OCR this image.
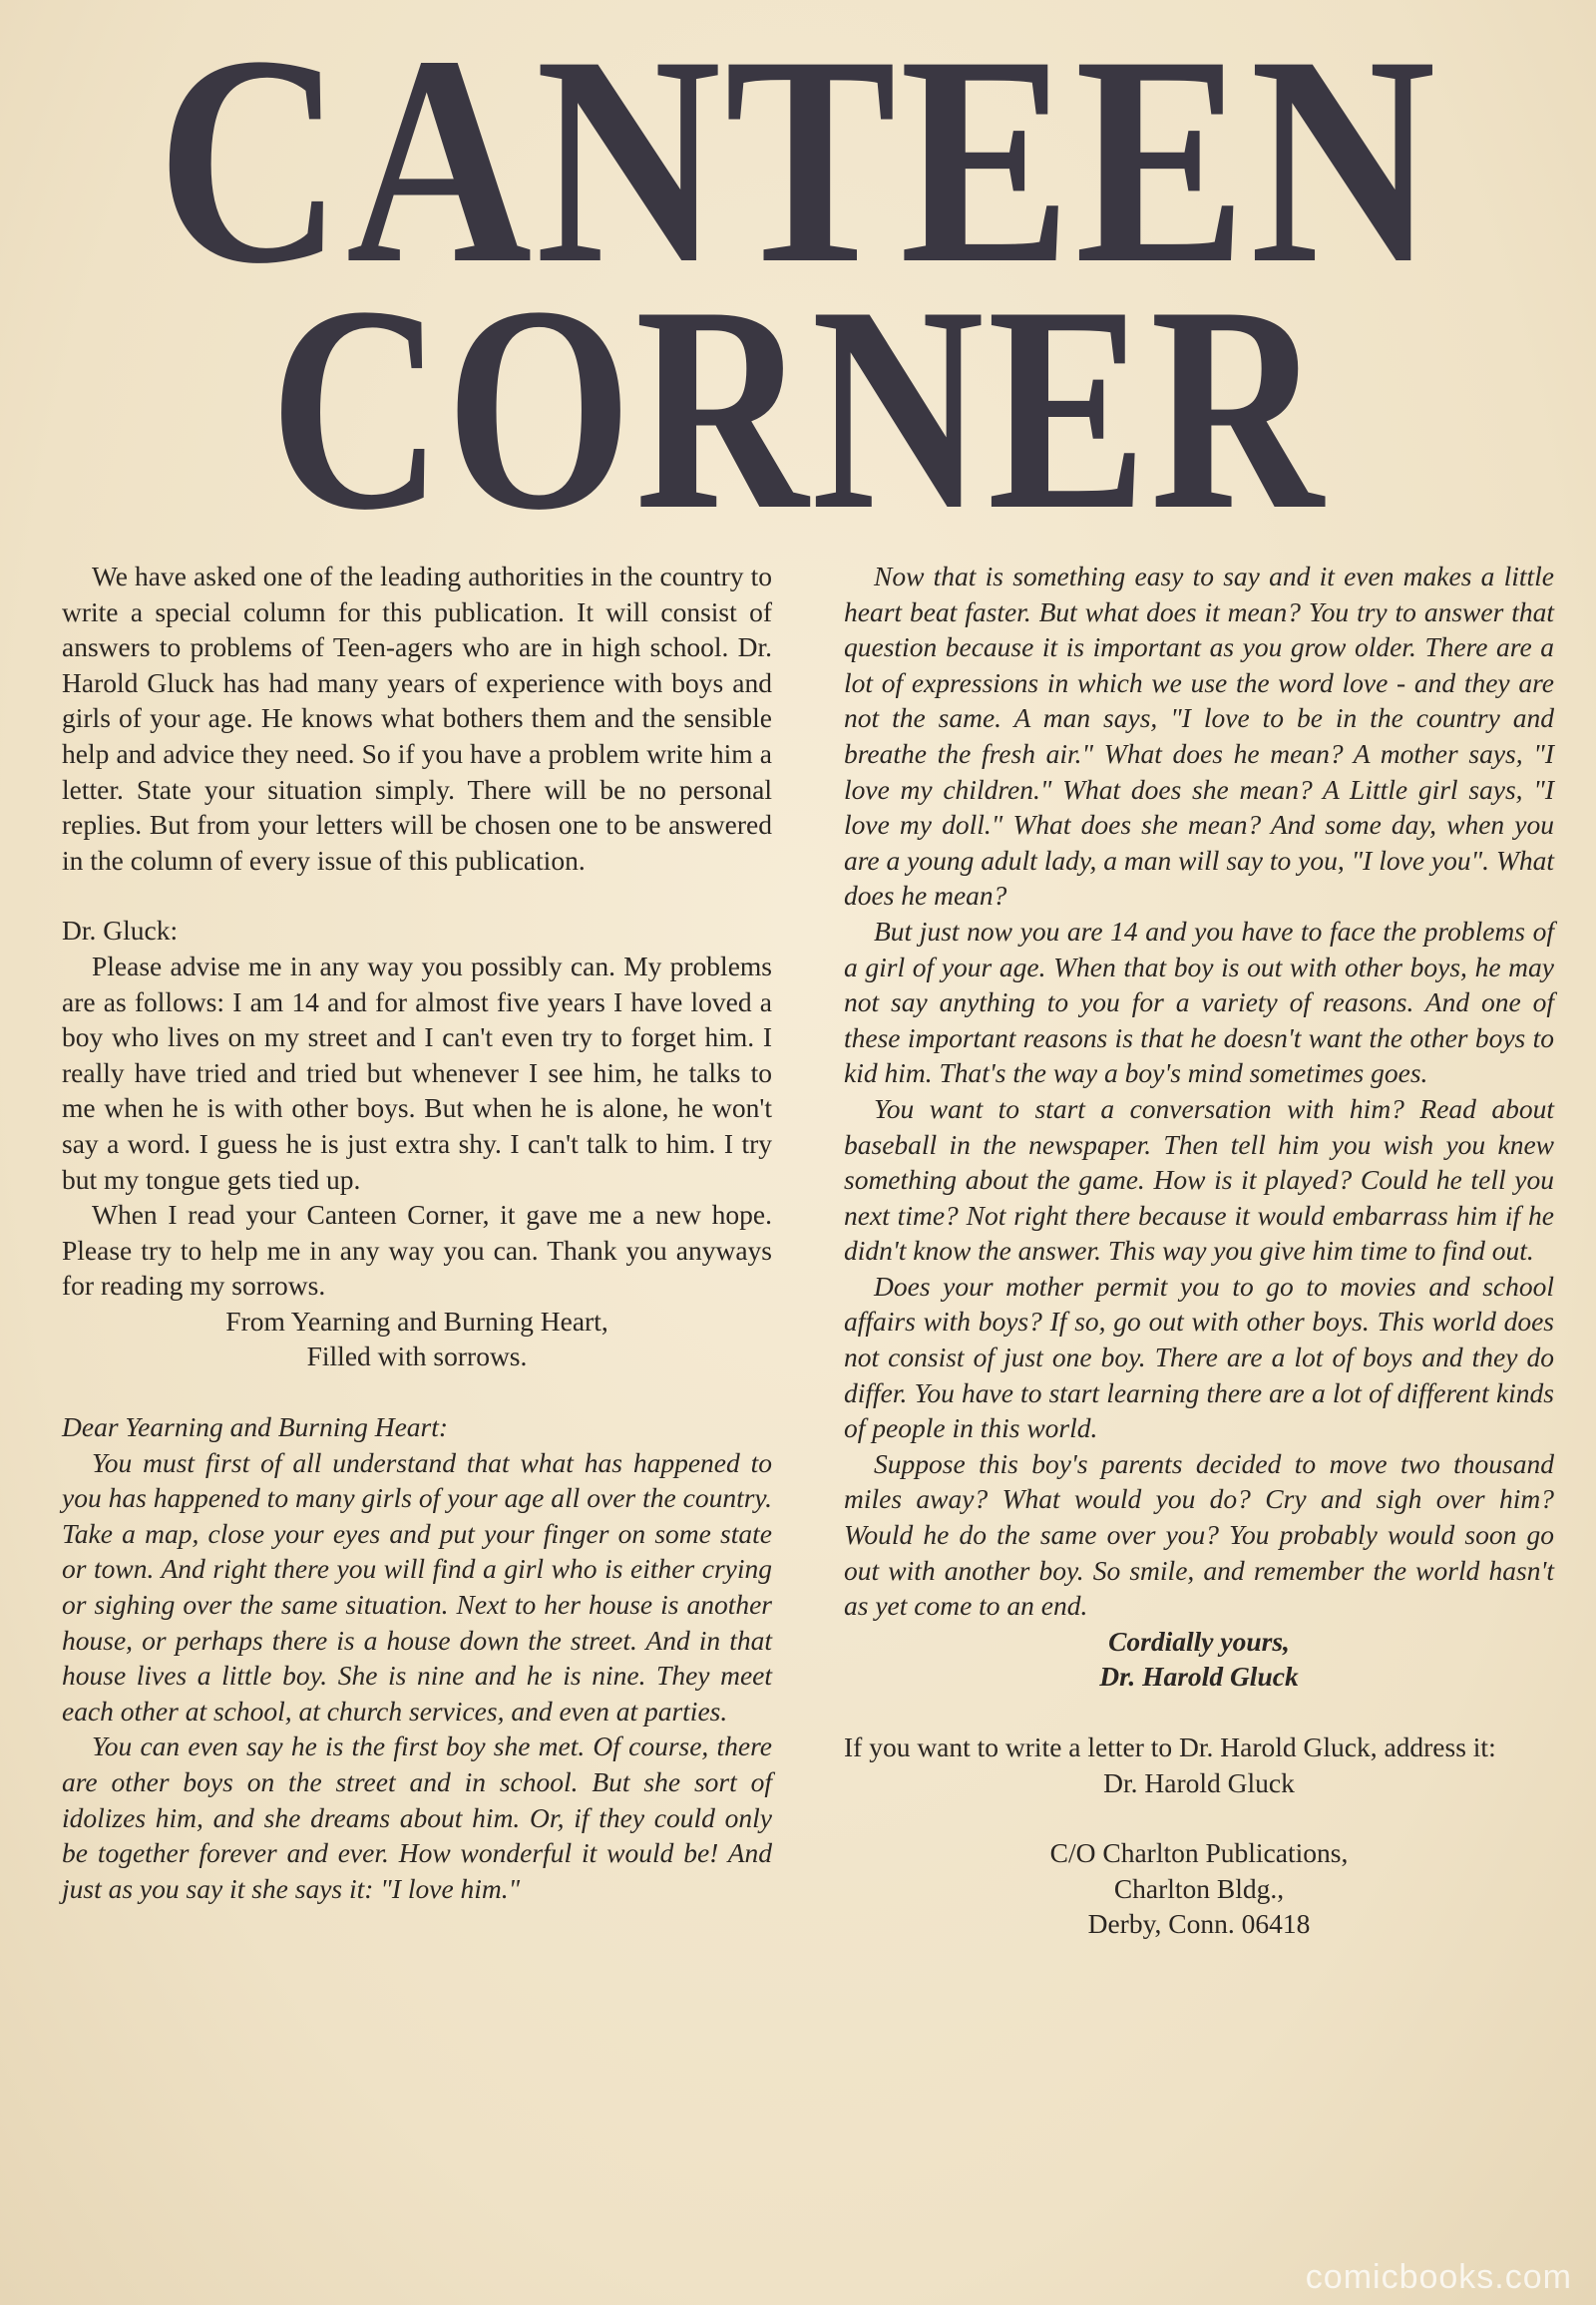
CANTEEN
CORNER

We have asked one of the leading authorities in the country to write a special column for this publication. It will consist of answers to problems of Teen-agers who are in high school. Dr. Harold Gluck has had many years of experience with boys and girls of your age. He knows what bothers them and the sensible help and advice they need. So if you have a problem write him a letter. State your situation simply. There will be no personal replies. But from your letters will be chosen one to be answered in the column of every issue of this publication.

Dr. Gluck:

Please advise me in any way you possibly can. My problems are as follows: I am 14 and for almost five years I have loved a boy who lives on my street and I can't even try to forget him. I really have tried and tried but whenever I see him, he talks to me when he is with other boys. But when he is alone, he won't say a word. I guess he is just extra shy. I can't talk to him. I try but my tongue gets tied up.

When I read your Canteen Corner, it gave me a new hope. Please try to help me in any way you can. Thank you anyways for reading my sorrows.

From Yearning and Burning Heart,

Filled with sorrows.

Dear Yearning and Burning Heart:

You must first of all understand that what has happened to you has happened to many girls of your age all over the country. Take a map, close your eyes and put your finger on some state or town. And right there you will find a girl who is either crying or sighing over the same situation. Next to her house is another house, or perhaps there is a house down the street. And in that house lives a little boy. She is nine and he is nine. They meet each other at school, at church services, and even at parties.

You can even say he is the first boy she met. Of course, there are other boys on the street and in school. But she sort of idolizes him, and she dreams about him. Or, if they could only be together forever and ever. How wonderful it would be! And just as you say it she says it: "I love him."

Now that is something easy to say and it even makes a little heart beat faster. But what does it mean? You try to answer that question because it is important as you grow older. There are a lot of expressions in which we use the word love - and they are not the same. A man says, "I love to be in the country and breathe the fresh air." What does he mean? A mother says, "I love my children." What does she mean? A Little girl says, "I love my doll." What does she mean? And some day, when you are a young adult lady, a man will say to you, "I love you". What does he mean?

But just now you are 14 and you have to face the problems of a girl of your age. When that boy is out with other boys, he may not say anything to you for a variety of reasons. And one of these important reasons is that he doesn't want the other boys to kid him. That's the way a boy's mind sometimes goes.

You want to start a conversation with him? Read about baseball in the newspaper. Then tell him you wish you knew something about the game. How is it played? Could he tell you next time? Not right there because it would embarrass him if he didn't know the answer. This way you give him time to find out.

Does your mother permit you to go to movies and school affairs with boys? If so, go out with other boys. This world does not consist of just one boy. There are a lot of boys and they do differ. You have to start learning there are a lot of different kinds of people in this world.

Suppose this boy's parents decided to move two thousand miles away? What would you do? Cry and sigh over him? Would he do the same over you? You probably would soon go out with another boy. So smile, and remember the world hasn't as yet come to an end.

Cordially yours,

Dr. Harold Gluck

If you want to write a letter to Dr. Harold Gluck, address it:

Dr. Harold Gluck

C/O Charlton Publications,

Charlton Bldg.,

Derby, Conn. 06418

comicbooks.com
